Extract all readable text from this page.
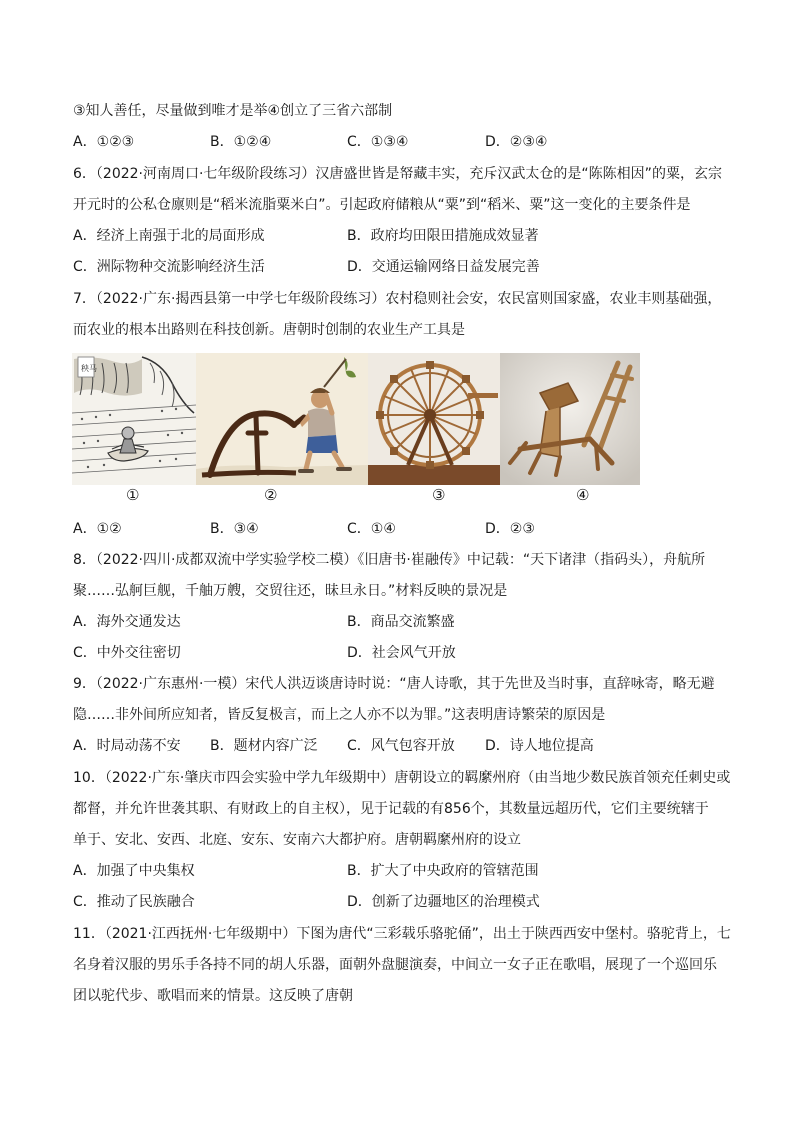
③知人善任，尽量做到唯才是举④创立了三省六部制
A．①②③	B．①②④	C．①③④	D．②③④
6．（2022·河南周口·七年级阶段练习）汉唐盛世皆是帑藏丰实，充斥汉武太仓的是“陈陈相因”的粟，玄宗
开元时的公私仓廪则是“稻米流脂粟米白”。引起政府储粮从“粟”到“稻米、粟”这一变化的主要条件是
A．经济上南强于北的局面形成	B．政府均田限田措施成效显著
C．洲际物种交流影响经济生活	D．交通运输网络日益发展完善
7．（2022·广东·揭西县第一中学七年级阶段练习）农村稳则社会安，农民富则国家盛，农业丰则基础强，
而农业的根本出路则在科技创新。唐朝时创制的农业生产工具是
秧马
①	②	③	④
A．①②	B．③④	C．①④	D．②③
8．（2022·四川·成都双流中学实验学校二模）《旧唐书·崔融传》中记载：“天下诸津（指码头），舟航所
聚……弘舸巨舰，千舳万艘，交贸往还，昧旦永日。”材料反映的景况是
A．海外交通发达	B．商品交流繁盛
C．中外交往密切	D．社会风气开放
9．（2022·广东惠州·一模）宋代人洪迈谈唐诗时说：“唐人诗歌，其于先世及当时事，直辞咏寄，略无避
隐……非外间所应知者，皆反复极言，而上之人亦不以为罪。”这表明唐诗繁荣的原因是
A．时局动荡不安 B．题材内容广泛 C．风气包容开放 D．诗人地位提高
10．（2022·广东·肇庆市四会实验中学九年级期中）唐朝设立的羁縻州府（由当地少数民族首领充任刺史或
都督，并允许世袭其职、有财政上的自主权），见于记载的有856个，其数量远超历代，它们主要统辖于
单于、安北、安西、北庭、安东、安南六大都护府。唐朝羁縻州府的设立
A．加强了中央集权	B．扩大了中央政府的管辖范围
C．推动了民族融合	D．创新了边疆地区的治理模式
11．（2021·江西抚州·七年级期中）下图为唐代“三彩载乐骆驼俑”，出土于陕西西安中堡村。骆驼背上，七
名身着汉服的男乐手各持不同的胡人乐器，面朝外盘腿演奏，中间立一女子正在歌唱，展现了一个巡回乐
团以驼代步、歌唱而来的情景。这反映了唐朝
